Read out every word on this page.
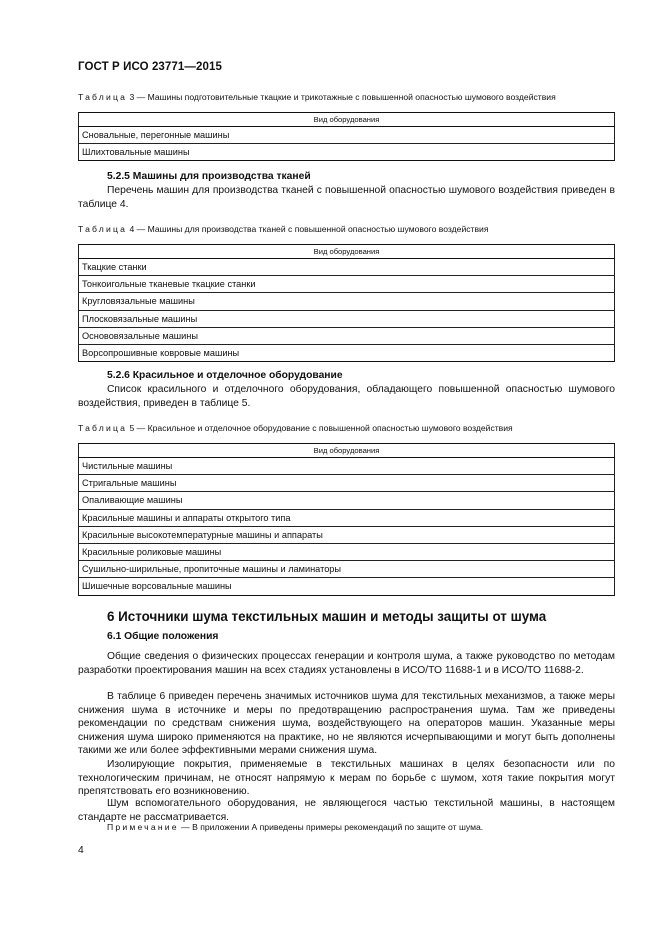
ГОСТ Р ИСО 23771—2015
Таблица 3 — Машины подготовительные ткацкие и трикотажные с повышенной опасностью шумового воздействия
Вид оборудования
Сновальные, перегонные машины
Шлихтовальные машины
5.2.5 Машины для производства тканей
Перечень машин для производства тканей с повышенной опасностью шумового воздействия приведен в таблице 4.
Таблица 4 — Машины для производства тканей с повышенной опасностью шумового воздействия
Вид оборудования
Ткацкие станки
Тонкоигольные тканевые ткацкие станки
Кругловязальные машины
Плосковязальные машины
Основовязальные машины
Ворсопрошивные ковровые машины
5.2.6 Красильное и отделочное оборудование
Список красильного и отделочного оборудования, обладающего повышенной опасностью шумового воздействия, приведен в таблице 5.
Таблица 5 — Красильное и отделочное оборудование с повышенной опасностью шумового воздействия
Вид оборудования
Чистильные машины
Стригальные машины
Опаливающие машины
Красильные машины и аппараты открытого типа
Красильные высокотемпературные машины и аппараты
Красильные роликовые машины
Сушильно-ширильные, пропиточные машины и ламинаторы
Шишечные ворсовальные машины
6 Источники шума текстильных машин и методы защиты от шума
6.1 Общие положения
Общие сведения о физических процессах генерации и контроля шума, а также руководство по методам разработки проектирования машин на всех стадиях установлены в ИСО/ТО 11688-1 и в ИСО/ТО 11688-2.
В таблице 6 приведен перечень значимых источников шума для текстильных механизмов, а также меры снижения шума в источнике и меры по предотвращению распространения шума. Там же приведены рекомендации по средствам снижения шума, воздействующего на операторов машин. Указанные меры снижения шума широко применяются на практике, но не являются исчерпывающими и могут быть дополнены такими же или более эффективными мерами снижения шума.
Изолирующие покрытия, применяемые в текстильных машинах в целях безопасности или по технологическим причинам, не относят напрямую к мерам по борьбе с шумом, хотя такие покрытия могут препятствовать его возникновению.
Шум вспомогательного оборудования, не являющегося частью текстильной машины, в настоящем стандарте не рассматривается.
Примечание — В приложении А приведены примеры рекомендаций по защите от шума.
4
